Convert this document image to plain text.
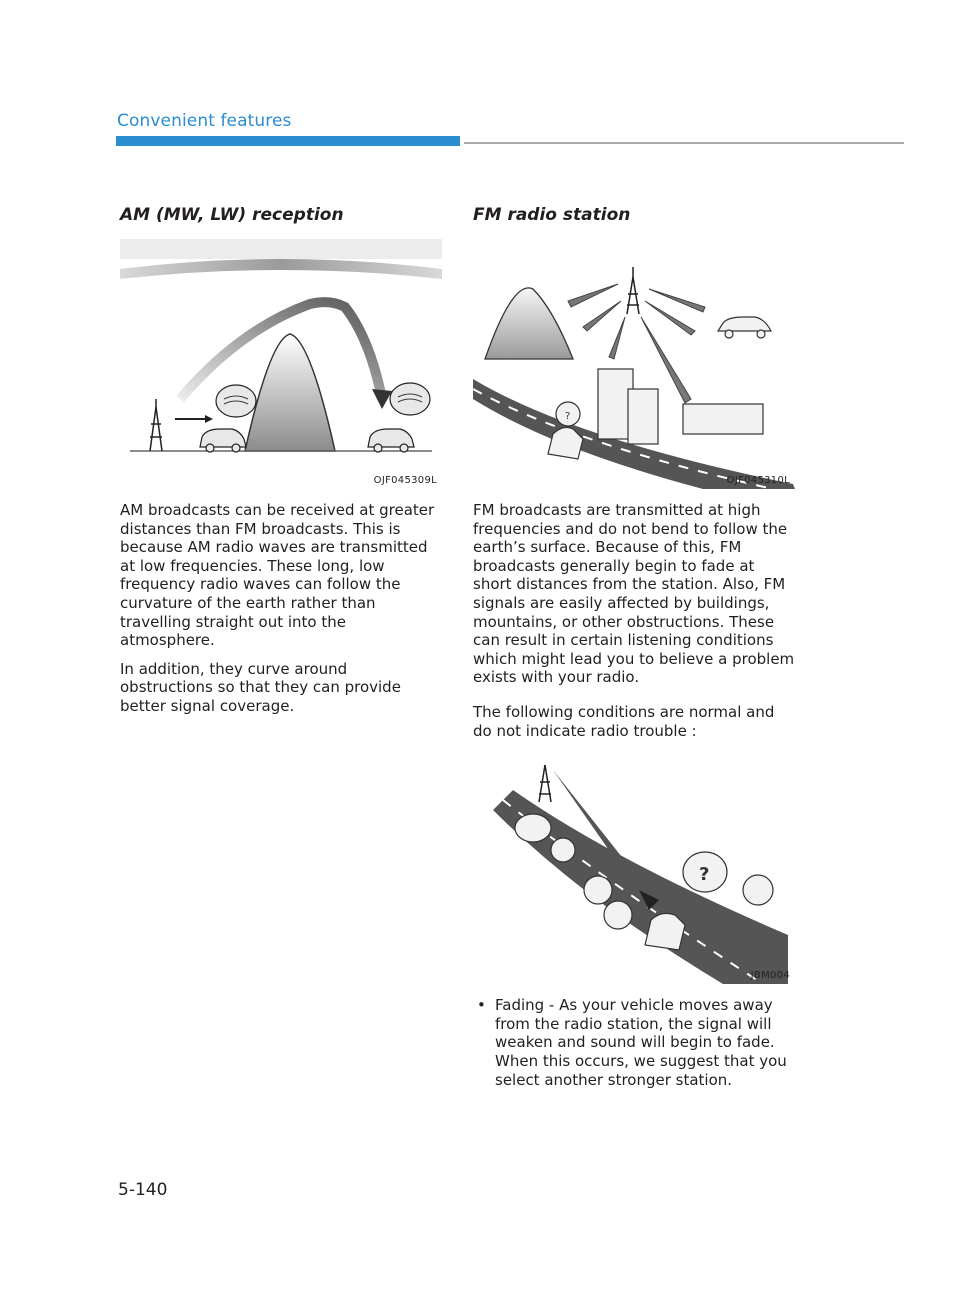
Convenient features
AM (MW, LW) reception
OJF045309L

AM broadcasts can be received at greater distances than FM broadcasts. This is because AM radio waves are transmitted at low frequencies. These long, low frequency radio waves can follow the curvature of the earth rather than travelling straight out into the atmosphere.

In addition, they curve around obstructions so that they can provide better signal coverage.

FM radio station
?
OJF045310L

FM broadcasts are transmitted at high frequencies and do not bend to follow the earth’s surface. Because of this, FM broadcasts generally begin to fade at short distances from the station. Also, FM signals are easily affected by buildings, mountains, or other obstructions. These can result in certain listening conditions which might lead you to believe a problem exists with your radio.

The following conditions are normal and do not indicate radio trouble :

?
JBM004
• Fading - As your vehicle moves away from the radio station, the signal will weaken and sound will begin to fade. When this occurs, we suggest that you select another stronger station.
5-140
